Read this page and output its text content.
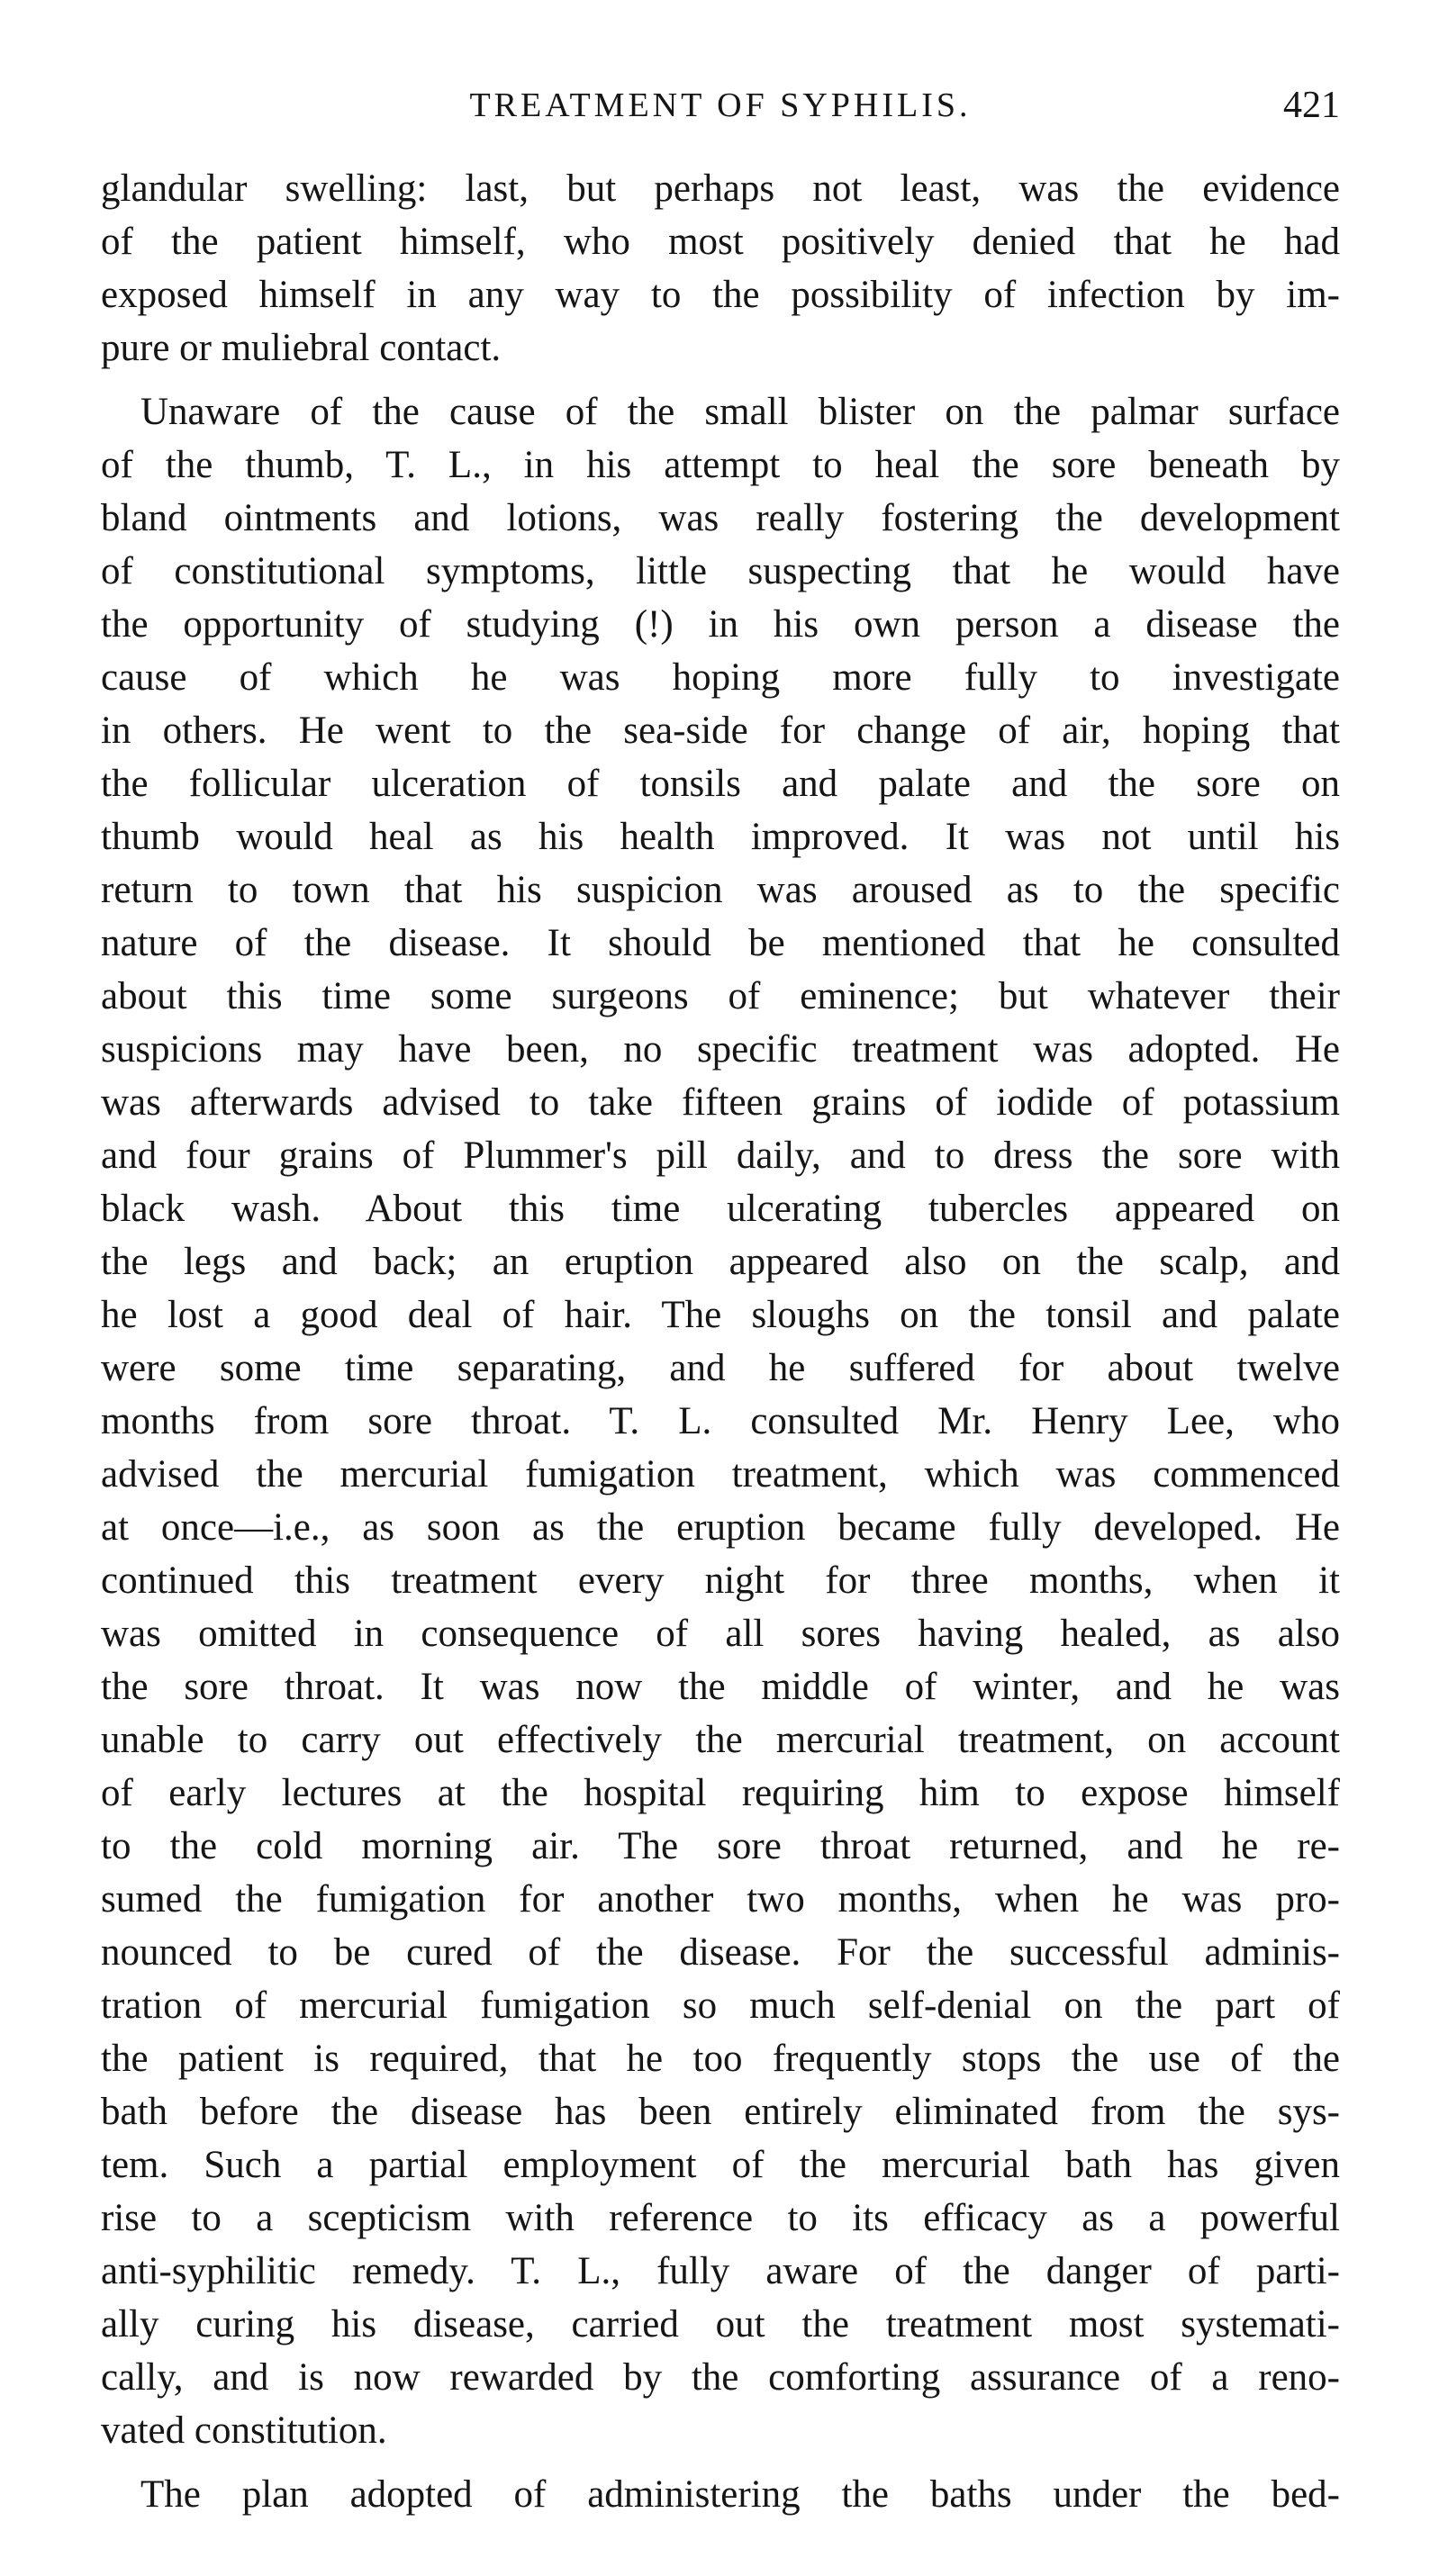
TREATMENT OF SYPHILIS.	421
glandular swelling: last, but perhaps not least, was the evidence
of the patient himself, who most positively denied that he had
exposed himself in any way to the possibility of infection by im-
pure or muliebral contact.
Unaware of the cause of the small blister on the palmar surface
of the thumb, T. L., in his attempt to heal the sore beneath by
bland ointments and lotions, was really fostering the development
of constitutional symptoms, little suspecting that he would have
the opportunity of studying (!) in his own person a disease the
cause of which he was hoping more fully to investigate
in others. He went to the sea-side for change of air, hoping that
the follicular ulceration of tonsils and palate and the sore on
thumb would heal as his health improved. It was not until his
return to town that his suspicion was aroused as to the specific
nature of the disease. It should be mentioned that he consulted
about this time some surgeons of eminence; but whatever their
suspicions may have been, no specific treatment was adopted. He
was afterwards advised to take fifteen grains of iodide of potassium
and four grains of Plummer's pill daily, and to dress the sore with
black wash. About this time ulcerating tubercles appeared on
the legs and back; an eruption appeared also on the scalp, and
he lost a good deal of hair. The sloughs on the tonsil and palate
were some time separating, and he suffered for about twelve
months from sore throat. T. L. consulted Mr. Henry Lee, who
advised the mercurial fumigation treatment, which was commenced
at once—i.e., as soon as the eruption became fully developed. He
continued this treatment every night for three months, when it
was omitted in consequence of all sores having healed, as also
the sore throat. It was now the middle of winter, and he was
unable to carry out effectively the mercurial treatment, on account
of early lectures at the hospital requiring him to expose himself
to the cold morning air. The sore throat returned, and he re-
sumed the fumigation for another two months, when he was pro-
nounced to be cured of the disease. For the successful adminis-
tration of mercurial fumigation so much self-denial on the part of
the patient is required, that he too frequently stops the use of the
bath before the disease has been entirely eliminated from the sys-
tem. Such a partial employment of the mercurial bath has given
rise to a scepticism with reference to its efficacy as a powerful
anti-syphilitic remedy. T. L., fully aware of the danger of parti-
ally curing his disease, carried out the treatment most systemati-
cally, and is now rewarded by the comforting assurance of a reno-
vated constitution.
The plan adopted of administering the baths under the bed-
